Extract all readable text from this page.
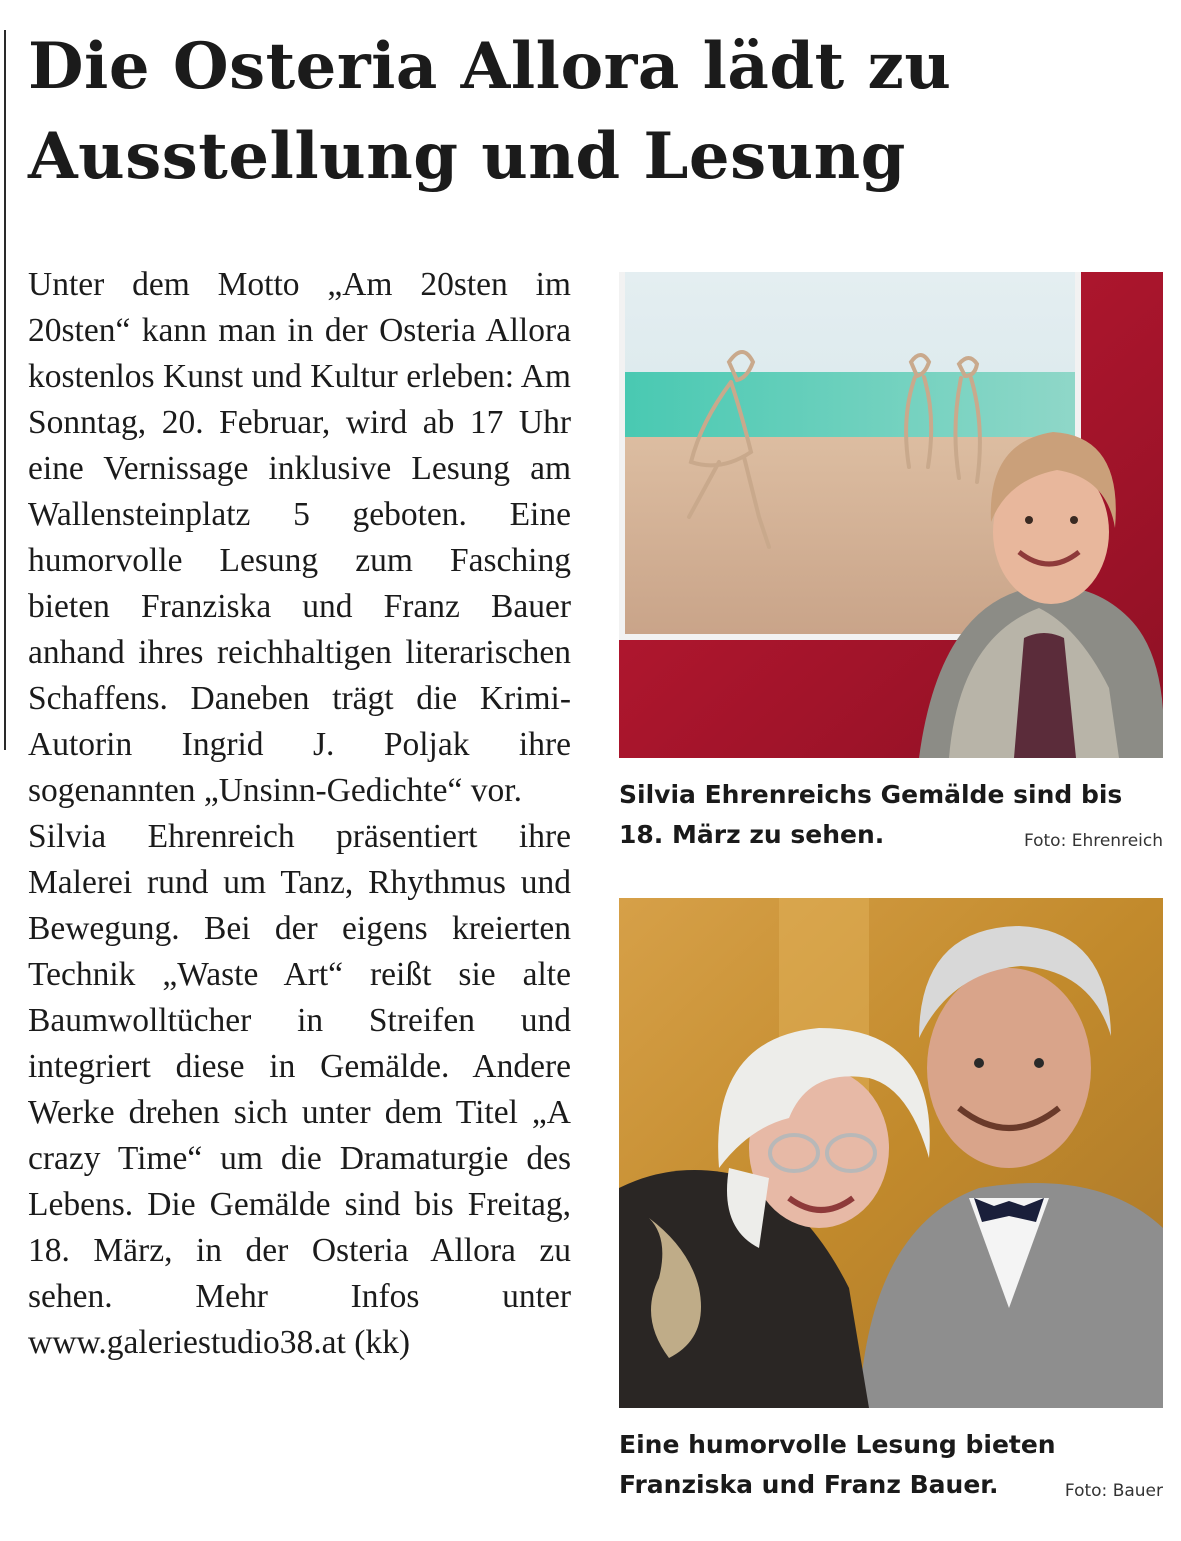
Die Osteria Allora lädt zu
Ausstellung und Lesung

Unter dem Motto „Am 20sten im 20sten“ kann man in der Osteria Allora kostenlos Kunst und Kultur erleben: Am Sonntag, 20. Februar, wird ab 17 Uhr eine Vernissage inklusive Lesung am Wallensteinplatz 5 geboten. Eine humorvolle Lesung zum Fasching bieten Franziska und Franz Bauer anhand ihres reichhaltigen literarischen Schaffens. Daneben trägt die Krimi-Autorin Ingrid J. Poljak ihre sogenannten „Unsinn-Gedichte“ vor.

Silvia Ehrenreich präsentiert ihre Malerei rund um Tanz, Rhythmus und Bewegung. Bei der eigens kreierten Technik „Waste Art“ reißt sie alte Baumwolltücher in Streifen und integriert diese in Gemälde. Andere Werke drehen sich unter dem Titel „A crazy Time“ um die Dramaturgie des Lebens. Die Gemälde sind bis Freitag, 18. März, in der Osteria Allora zu sehen. Mehr Infos unter www.galeriestudio38.at (kk)

Silvia Ehrenreichs Gemälde sind bis
18. März zu sehen.	Foto: Ehrenreich
Eine humorvolle Lesung bieten
Franziska und Franz Bauer.	Foto: Bauer
